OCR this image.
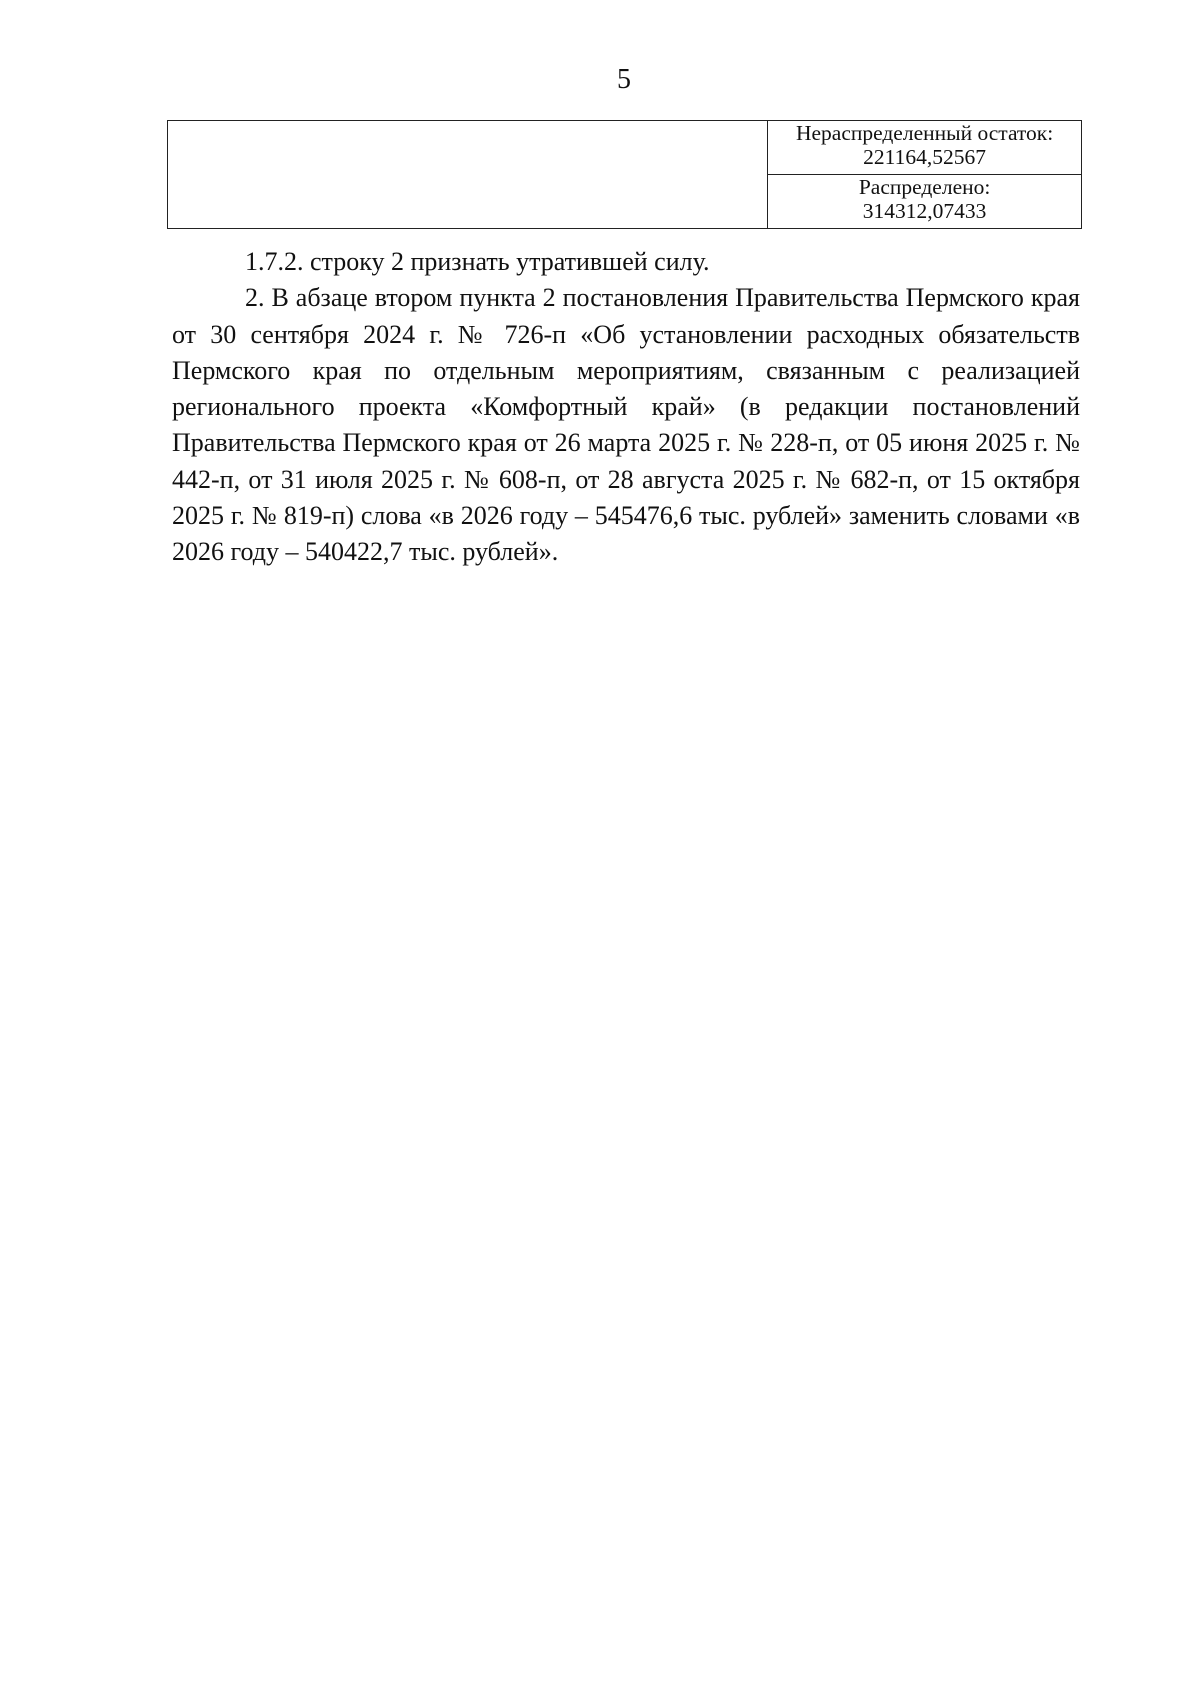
5

Нераспределенный остаток:
221164,52567

Распределено:
314312,07433

1.7.2. строку 2 признать утратившей силу.

2. В абзаце втором пункта 2 постановления Правительства Пермского края от 30 сентября 2024 г. № 726-п «Об установлении расходных обязательств Пермского края по отдельным мероприятиям, связанным с реализацией регионального проекта «Комфортный край» (в редакции постановлений Правительства Пермского края от 26 марта 2025 г. № 228-п, от 05 июня 2025 г. № 442-п, от 31 июля 2025 г. № 608-п, от 28 августа 2025 г. № 682-п, от 15 октября 2025 г. № 819-п) слова «в 2026 году – 545476,6 тыс. рублей» заменить словами «в 2026 году – 540422,7 тыс. рублей».
